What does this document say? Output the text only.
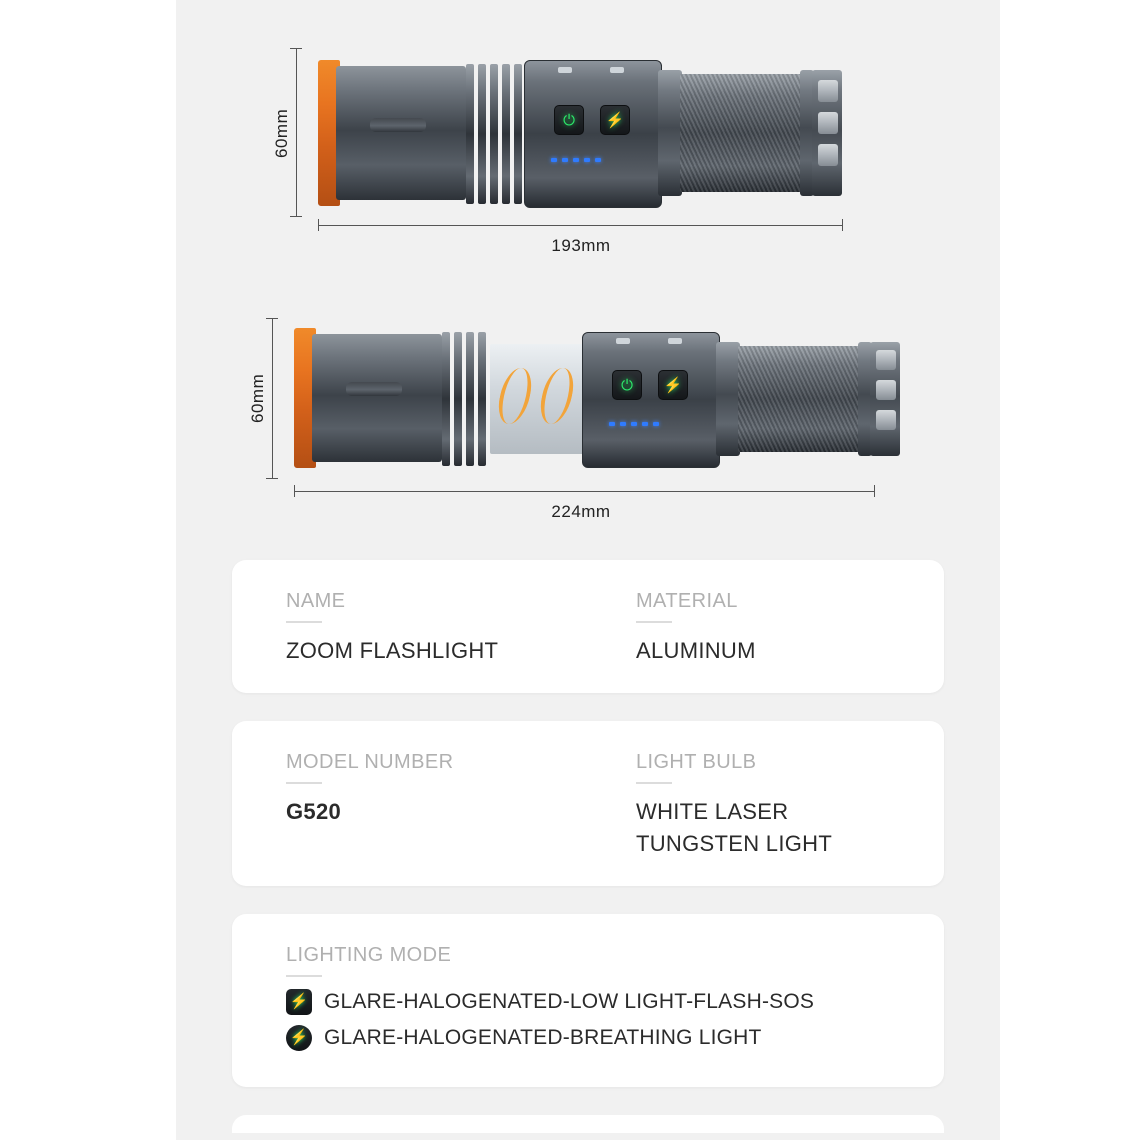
60mm
193mm
⏻ ⚡
60mm
224mm
⏻ ⚡
NAME
ZOOM FLASHLIGHT
MATERIAL
ALUMINUM
MODEL NUMBER
G520
LIGHT BULB
WHITE LASER TUNGSTEN LIGHT
LIGHTING MODE
⚡ GLARE-HALOGENATED-LOW LIGHT-FLASH-SOS
⚡ GLARE-HALOGENATED-BREATHING LIGHT
